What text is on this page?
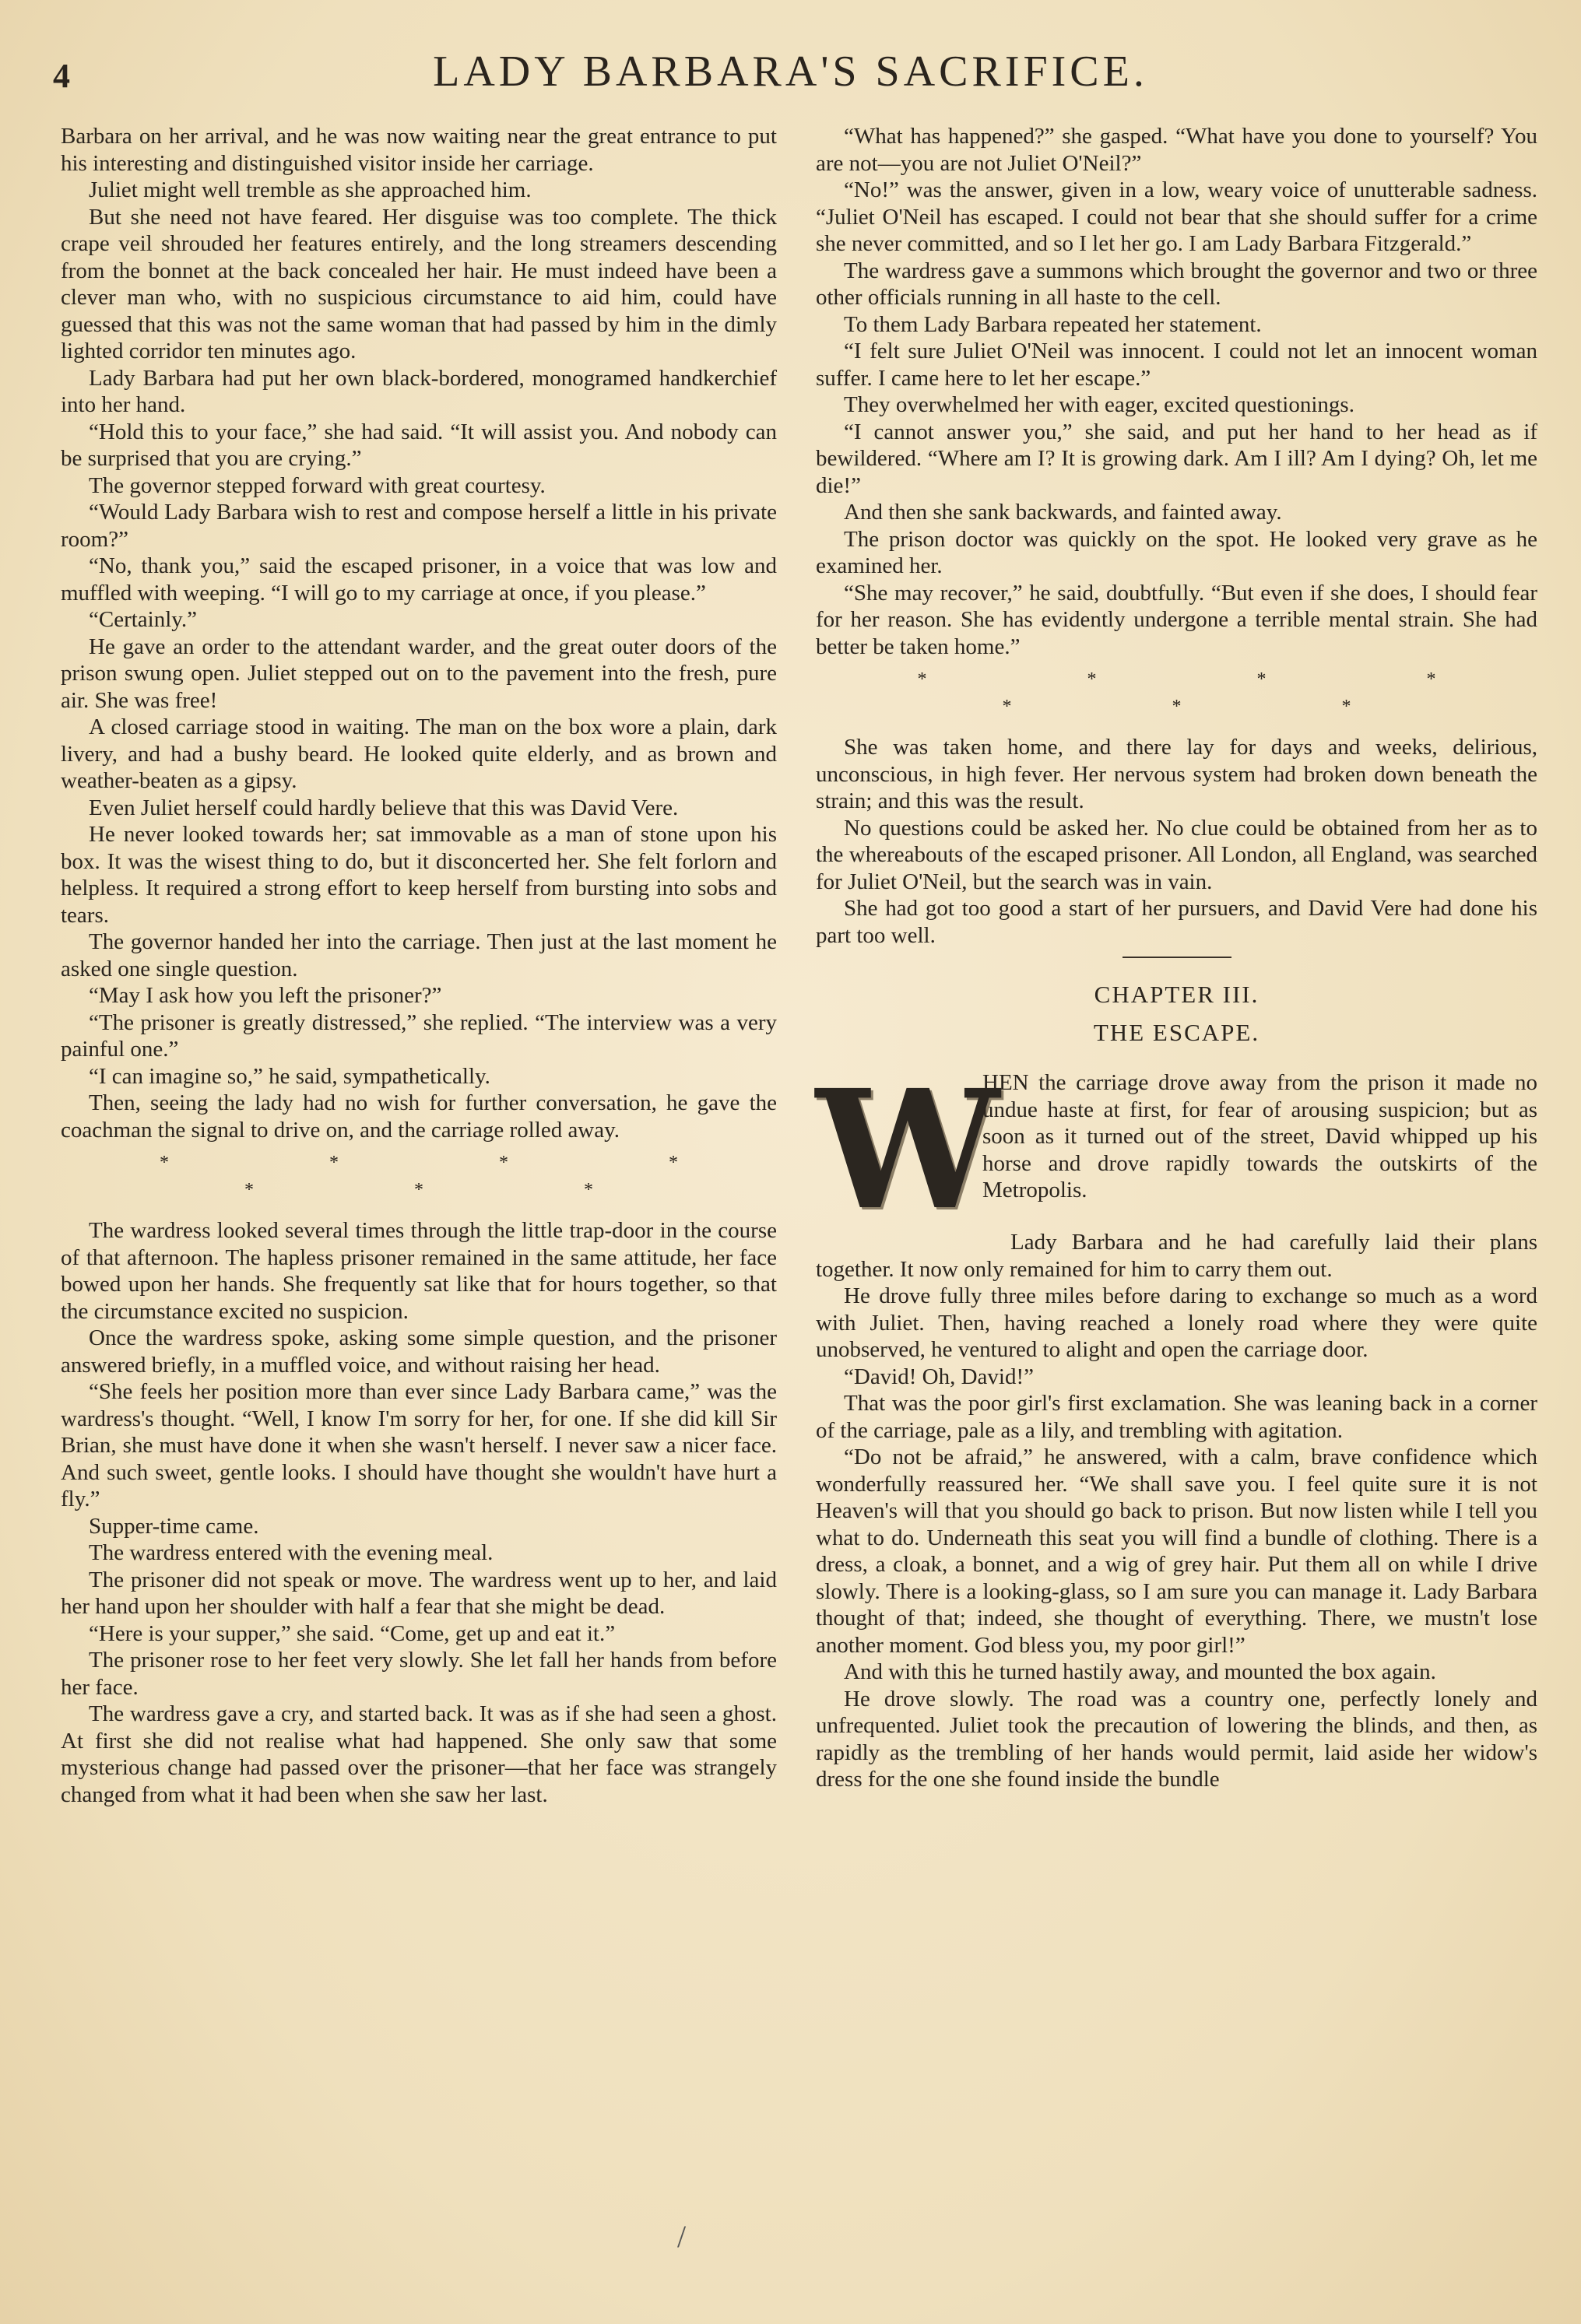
4	LADY BARBARA'S SACRIFICE.

Barbara on her arrival, and he was now waiting near the great entrance to put his interesting and distinguished visitor inside her carriage.

Juliet might well tremble as she approached him.

But she need not have feared. Her disguise was too complete. The thick crape veil shrouded her features entirely, and the long streamers descending from the bonnet at the back concealed her hair. He must indeed have been a clever man who, with no suspicious circumstance to aid him, could have guessed that this was not the same woman that had passed by him in the dimly lighted corridor ten minutes ago.

Lady Barbara had put her own black-bordered, monogramed handkerchief into her hand.

“Hold this to your face,” she had said. “It will assist you. And nobody can be surprised that you are crying.”

The governor stepped forward with great courtesy.

“Would Lady Barbara wish to rest and compose herself a little in his private room?”

“No, thank you,” said the escaped prisoner, in a voice that was low and muffled with weeping. “I will go to my carriage at once, if you please.”

“Certainly.”

He gave an order to the attendant warder, and the great outer doors of the prison swung open. Juliet stepped out on to the pavement into the fresh, pure air. She was free!

A closed carriage stood in waiting. The man on the box wore a plain, dark livery, and had a bushy beard. He looked quite elderly, and as brown and weather-beaten as a gipsy.

Even Juliet herself could hardly believe that this was David Vere.

He never looked towards her; sat immovable as a man of stone upon his box. It was the wisest thing to do, but it disconcerted her. She felt forlorn and helpless. It required a strong effort to keep herself from bursting into sobs and tears.

The governor handed her into the carriage. Then just at the last moment he asked one single question.

“May I ask how you left the prisoner?”

“The prisoner is greatly distressed,” she replied. “The interview was a very painful one.”

“I can imagine so,” he said, sympathetically.

Then, seeing the lady had no wish for further conversation, he gave the coachman the signal to drive on, and the carriage rolled away.

* * * * * * *

The wardress looked several times through the little trap-door in the course of that afternoon. The hapless prisoner remained in the same attitude, her face bowed upon her hands. She frequently sat like that for hours together, so that the circumstance excited no suspicion.

Once the wardress spoke, asking some simple question, and the prisoner answered briefly, in a muffled voice, and without raising her head.

“She feels her position more than ever since Lady Barbara came,” was the wardress's thought. “Well, I know I'm sorry for her, for one. If she did kill Sir Brian, she must have done it when she wasn't herself. I never saw a nicer face. And such sweet, gentle looks. I should have thought she wouldn't have hurt a fly.”

Supper-time came.

The wardress entered with the evening meal.

The prisoner did not speak or move. The wardress went up to her, and laid her hand upon her shoulder with half a fear that she might be dead.

“Here is your supper,” she said. “Come, get up and eat it.”

The prisoner rose to her feet very slowly. She let fall her hands from before her face.

The wardress gave a cry, and started back. It was as if she had seen a ghost. At first she did not realise what had happened. She only saw that some mysterious change had passed over the prisoner—that her face was strangely changed from what it had been when she saw her last.

“What has happened?” she gasped. “What have you done to yourself? You are not—you are not Juliet O'Neil?”

“No!” was the answer, given in a low, weary voice of unutterable sadness. “Juliet O'Neil has escaped. I could not bear that she should suffer for a crime she never committed, and so I let her go. I am Lady Barbara Fitzgerald.”

The wardress gave a summons which brought the governor and two or three other officials running in all haste to the cell.

To them Lady Barbara repeated her statement.

“I felt sure Juliet O'Neil was innocent. I could not let an innocent woman suffer. I came here to let her escape.”

They overwhelmed her with eager, excited questionings.

“I cannot answer you,” she said, and put her hand to her head as if bewildered. “Where am I? It is growing dark. Am I ill? Am I dying? Oh, let me die!”

And then she sank backwards, and fainted away.

The prison doctor was quickly on the spot. He looked very grave as he examined her.

“She may recover,” he said, doubtfully. “But even if she does, I should fear for her reason. She has evidently undergone a terrible mental strain. She had better be taken home.”

* * * * * * *

She was taken home, and there lay for days and weeks, delirious, unconscious, in high fever. Her nervous system had broken down beneath the strain; and this was the result.

No questions could be asked her. No clue could be obtained from her as to the whereabouts of the escaped prisoner. All London, all England, was searched for Juliet O'Neil, but the search was in vain.

She had got too good a start of her pursuers, and David Vere had done his part too well.

CHAPTER III.
THE ESCAPE.
W

HEN the carriage drove away from the prison it made no undue haste at first, for fear of arousing suspicion; but as soon as it turned out of the street, David whipped up his horse and drove rapidly towards the outskirts of the Metropolis.

Lady Barbara and he had carefully laid their plans together. It now only remained for him to carry them out.

He drove fully three miles before daring to exchange so much as a word with Juliet. Then, having reached a lonely road where they were quite unobserved, he ventured to alight and open the carriage door.

“David! Oh, David!”

That was the poor girl's first exclamation. She was leaning back in a corner of the carriage, pale as a lily, and trembling with agitation.

“Do not be afraid,” he answered, with a calm, brave confidence which wonderfully reassured her. “We shall save you. I feel quite sure it is not Heaven's will that you should go back to prison. But now listen while I tell you what to do. Underneath this seat you will find a bundle of clothing. There is a dress, a cloak, a bonnet, and a wig of grey hair. Put them all on while I drive slowly. There is a looking-glass, so I am sure you can manage it. Lady Barbara thought of that; indeed, she thought of everything. There, we mustn't lose another moment. God bless you, my poor girl!”

And with this he turned hastily away, and mounted the box again.

He drove slowly. The road was a country one, perfectly lonely and unfrequented. Juliet took the precaution of lowering the blinds, and then, as rapidly as the trembling of her hands would permit, laid aside her widow's dress for the one she found inside the bundle

/
